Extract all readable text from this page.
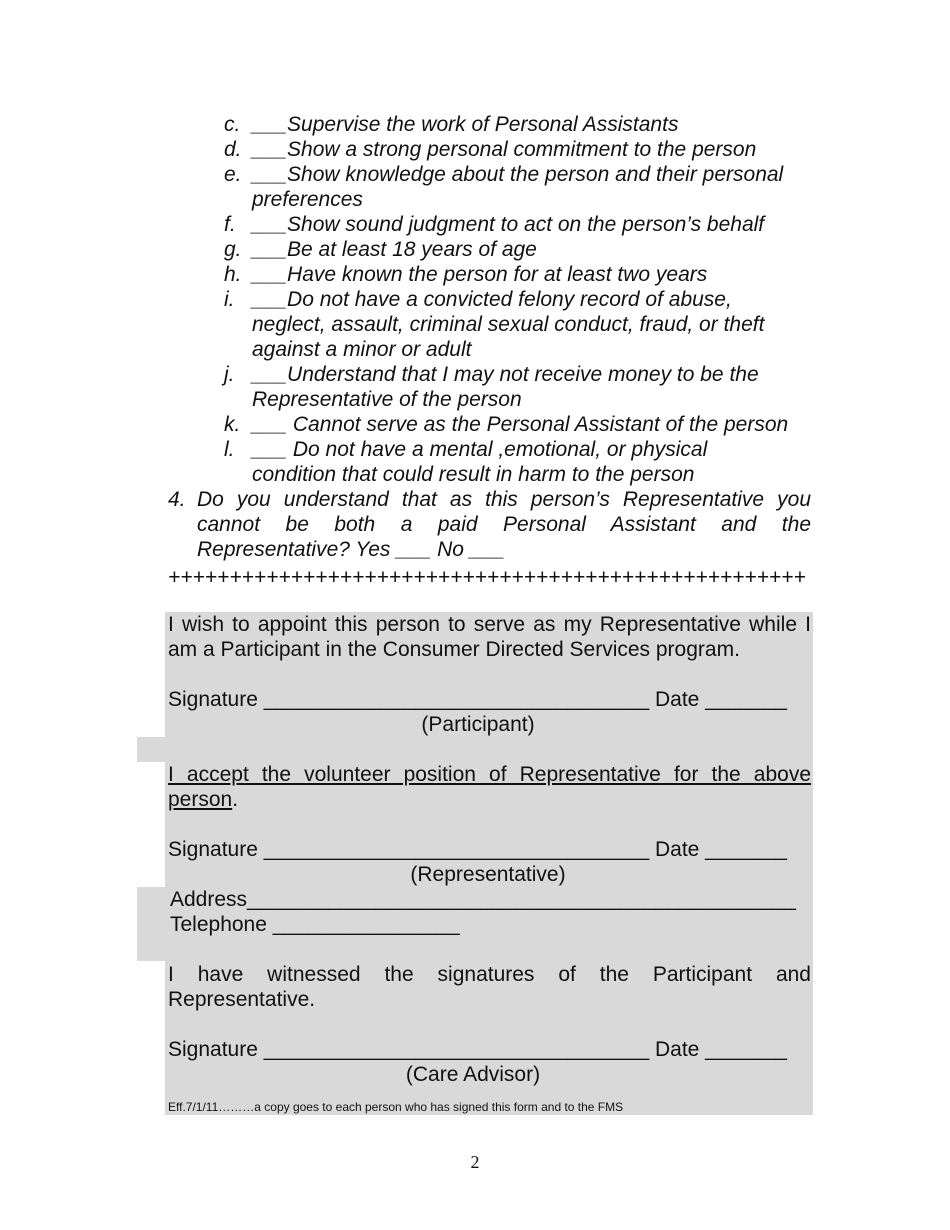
c. ___Supervise the work of Personal Assistants
d. ___Show a strong personal commitment to the person
e. ___Show knowledge about the person and their personal preferences
f. ___Show sound judgment to act on the person’s behalf
g. ___Be at least 18 years of age
h. ___Have known the person for at least two years
i. ___Do not have a convicted felony record of abuse, neglect, assault, criminal sexual conduct, fraud, or theft against a minor or adult
j. ___Understand that I may not receive money to be the Representative of the person
k. ___ Cannot serve as the Personal Assistant of the person
l. ___ Do not have a mental ,emotional, or physical condition that could result in harm to the person
4. Do you understand that as this person’s Representative you cannot be both a paid Personal Assistant and the Representative? Yes ___ No ___
++++++++++++++++++++++++++++++++++++++++++++++++++++
I wish to appoint this person to serve as my Representative while I am a Participant in the Consumer Directed Services program.
Signature _________________________________ Date _______
(Participant)
I accept the volunteer position of Representative for the above person.
Signature _________________________________ Date _______
(Representative)
Address_______________________________________________
Telephone ________________
I have witnessed the signatures of the Participant and Representative.
Signature _________________________________ Date _______
(Care Advisor)
Eff.7/1/11………a copy goes to each person who has signed this form and to the FMS
2
